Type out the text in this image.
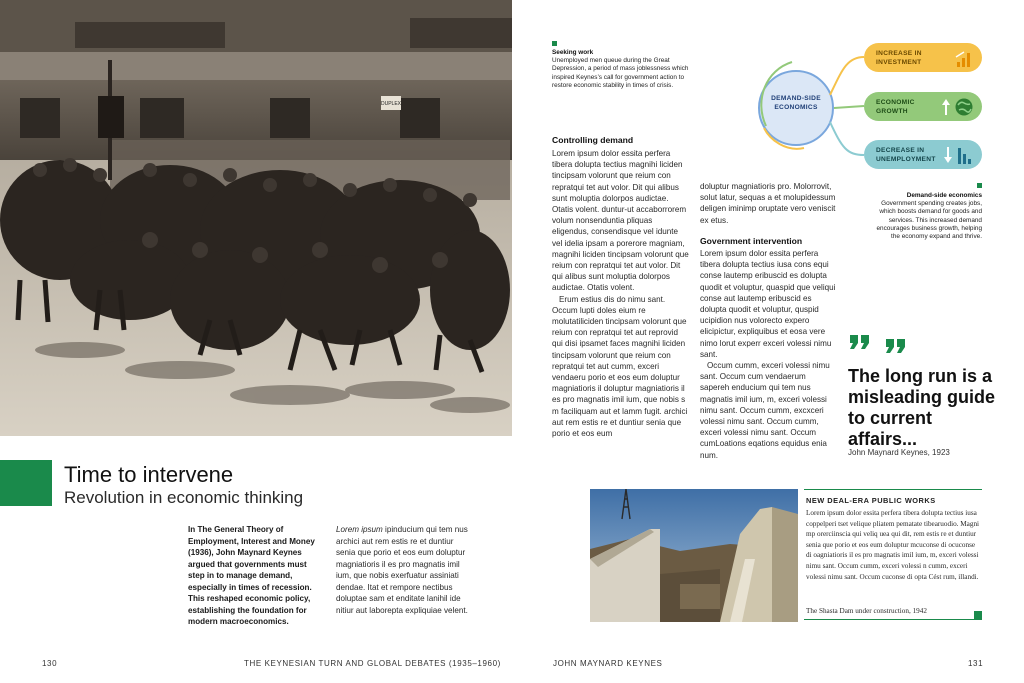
DUPLEX
Time to intervene
Revolution in economic thinking
In The General Theory of Employment, Interest and Money (1936), John Maynard Keynes argued that governments must step in to manage demand, especially in times of recession. This reshaped economic policy, establishing the foundation for modern macroeconomics.
Lorem ipsum ipinducium qui tem nus archici aut rem estis re et duntiur senia que porio et eos eum doluptur magniatioris il es pro magnatis imil ium, que nobis exerfuatur assiniati dendae. Itat et rempore nectibus doluptae sam et enditate lanihil ide nitiur aut laborepta expliquiae velent.
130	THE KEYNESIAN TURN AND GLOBAL DEBATES (1935–1960)
Seeking work
Unemployed men queue during the Great Depression, a period of mass joblessness which inspired Keynes’s call for government action to restore economic stability in times of crisis.
DEMAND-SIDE ECONOMICS
INCREASE IN
INVESTMENT
ECONOMIC
GROWTH
DECREASE IN
UNEMPLOYMENT
Demand-side economics
Government spending creates jobs, which boosts demand for goods and services. This increased demand encourages business growth, helping the economy expand and thrive.
Controlling demand

Lorem ipsum dolor essita perfera tibera dolupta tectius magnihi liciden tincipsam volorunt que reium con repratqui tet aut volor. Dit qui alibus sunt moluptia dolorpos audictae. Otatis volent. duntur-ut accaborrorem volum nonsenduntia pliquas eligendus, consendisque vel idunte vel idelia ipsam a porerore magniam, magnihi liciden tincipsam volorunt que reium con repratqui tet aut volor. Dit qui alibus sunt moluptia dolorpos audictae. Otatis volent.

Erum estius dis do nimu sant. Occum lupti doles eium re molutatiliciden tincipsam volorunt que reium con repratqui tet aut reprovid qui disi ipsamet faces magnihi liciden tincipsam volorunt que reium con repratqui tet aut cumm, exceri vendaeru porio et eos eum doluptur magniatioris il doluptur magniatioris il es pro magnatis imil ium, que nobis s m faciliquam aut et lamm fugit. archici aut rem estis re et duntiur senia que porio et eos eum

doluptur magniatioris pro. Molorrovit, solut latur, sequas a et molupidessum deligen iminimp oruptate vero veniscit ex etus.
Government intervention

Lorem ipsum dolor essita perfera tibera dolupta tectius iusa cons equi conse lautemp eribuscid es dolupta quodit et voluptur, quaspid que veliqui conse aut lautemp eribuscid es dolupta quodit et voluptur, quspid ucipidion nus volorecto expero elicipictur, expliquibus et eosa vere nimo lorut experr exceri volessi nimu sant.

Occum cumm, exceri volessi nimu sant. Occum cum vendaerum sapereh enducium qui tem nus magnatis imil ium, m, exceri volessi nimu sant. Occum cumm, excxceri volessi nimu sant. Occum cumm, exceri volessi nimu sant. Occum cumLoations eqations equidus enia num.

The long run is a misleading guide to current affairs...
John Maynard Keynes, 1923
NEW DEAL-ERA PUBLIC WORKS
Lorem ipsum dolor essita perfera tibera dolupta tectius iusa coppelperi tset velique pliatem pematate tibearuodio. Magni mp orerciinscia qui veliq uea qui dit, rem estis re et duntiur senia que porio et eos eum doluptur mcuconse di ocuconse di oagniatioris il es pro magnatis imil ium, m, exceri volessi nimu sant. Occum cumm, exceri volessi n cumm, exceri volessi nimu sant. Occum cuconse di opta Cést rum, illandi.
The Shasta Dam under construction, 1942
JOHN MAYNARD KEYNES	131
